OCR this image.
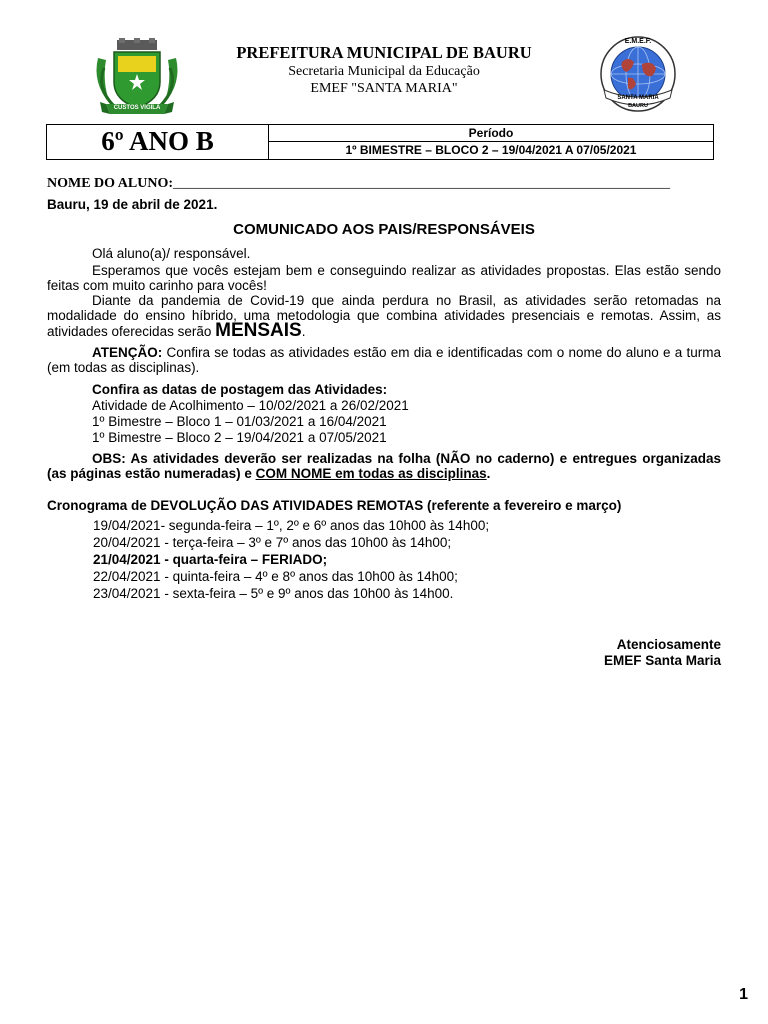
CUSTOS VIGILA
PREFEITURA MUNICIPAL DE BAURU
Secretaria Municipal da Educação
EMEF "SANTA MARIA"
E.M.E.F.
SANTA MARIA
BAURU
6º ANO B	Período
1º BIMESTRE – BLOCO 2 – 19/04/2021 A 07/05/2021
NOME DO ALUNO:_______________________________________________________________________
Bauru, 19 de abril de 2021.
COMUNICADO AOS PAIS/RESPONSÁVEIS
Olá aluno(a)/ responsável.
Esperamos que vocês estejam bem e conseguindo realizar as atividades propostas. Elas estão sendo feitas com muito carinho para vocês!
Diante da pandemia de Covid-19 que ainda perdura no Brasil, as atividades serão retomadas na modalidade do ensino híbrido, uma metodologia que combina atividades presenciais e remotas. Assim, as atividades oferecidas serão MENSAIS.
ATENÇÃO: Confira se todas as atividades estão em dia e identificadas com o nome do aluno e a turma (em todas as disciplinas).
Confira as datas de postagem das Atividades:
Atividade de Acolhimento – 10/02/2021 a 26/02/2021
1º Bimestre – Bloco 1 – 01/03/2021 a 16/04/2021
1º Bimestre – Bloco 2 – 19/04/2021 a 07/05/2021
OBS: As atividades deverão ser realizadas na folha (NÃO no caderno) e entregues organizadas (as páginas estão numeradas) e COM NOME em todas as disciplinas.
Cronograma de DEVOLUÇÃO DAS ATIVIDADES REMOTAS (referente a fevereiro e março)
19/04/2021- segunda-feira – 1º, 2º e 6º anos das 10h00 às 14h00;
20/04/2021 - terça-feira – 3º e 7º anos das 10h00 às 14h00;
21/04/2021 - quarta-feira – FERIADO;
22/04/2021 - quinta-feira – 4º e 8º anos das 10h00 às 14h00;
23/04/2021 - sexta-feira – 5º e 9º anos das 10h00 às 14h00.
Atenciosamente
EMEF Santa Maria
1
